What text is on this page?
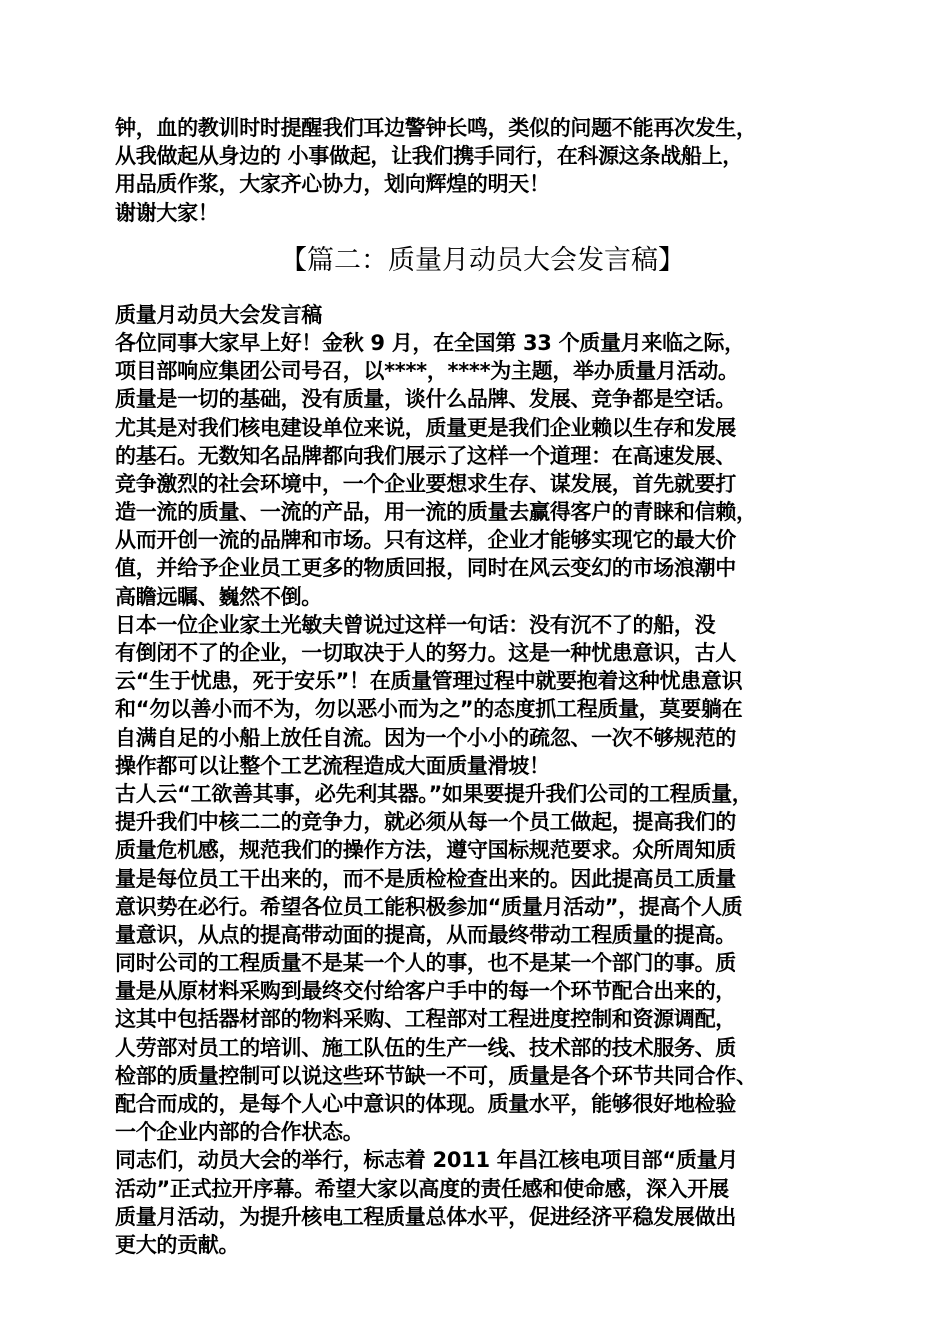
钟，血的教训时时提醒我们耳边警钟长鸣，类似的问题不能再次发生，
从我做起从身边的 小事做起，让我们携手同行，在科源这条战船上，
用品质作浆，大家齐心协力，划向辉煌的明天！
谢谢大家！
【篇二：质量月动员大会发言稿】
质量月动员大会发言稿
各位同事大家早上好！金秋 9 月，在全国第 33 个质量月来临之际，
项目部响应集团公司号召，以****，****为主题，举办质量月活动。
质量是一切的基础，没有质量，谈什么品牌、发展、竞争都是空话。
尤其是对我们核电建设单位来说，质量更是我们企业赖以生存和发展
的基石。无数知名品牌都向我们展示了这样一个道理：在高速发展、
竞争激烈的社会环境中，一个企业要想求生存、谋发展，首先就要打
造一流的质量、一流的产品，用一流的质量去赢得客户的青睐和信赖，
从而开创一流的品牌和市场。只有这样，企业才能够实现它的最大价
值，并给予企业员工更多的物质回报，同时在风云变幻的市场浪潮中
高瞻远瞩、巍然不倒。
日本一位企业家土光敏夫曾说过这样一句话：没有沉不了的船，没
有倒闭不了的企业，一切取决于人的努力。这是一种忧患意识，古人
云“生于忧患，死于安乐”！在质量管理过程中就要抱着这种忧患意识
和“勿以善小而不为，勿以恶小而为之”的态度抓工程质量，莫要躺在
自满自足的小船上放任自流。因为一个小小的疏忽、一次不够规范的
操作都可以让整个工艺流程造成大面质量滑坡！
古人云“工欲善其事，必先利其器。”如果要提升我们公司的工程质量，
提升我们中核二二的竞争力，就必须从每一个员工做起，提高我们的
质量危机感，规范我们的操作方法，遵守国标规范要求。众所周知质
量是每位员工干出来的，而不是质检检查出来的。因此提高员工质量
意识势在必行。希望各位员工能积极参加“质量月活动”，提高个人质
量意识，从点的提高带动面的提高，从而最终带动工程质量的提高。
同时公司的工程质量不是某一个人的事，也不是某一个部门的事。质
量是从原材料采购到最终交付给客户手中的每一个环节配合出来的，
这其中包括器材部的物料采购、工程部对工程进度控制和资源调配，
人劳部对员工的培训、施工队伍的生产一线、技术部的技术服务、质
检部的质量控制可以说这些环节缺一不可，质量是各个环节共同合作、
配合而成的，是每个人心中意识的体现。质量水平，能够很好地检验
一个企业内部的合作状态。
同志们，动员大会的举行，标志着 2011 年昌江核电项目部“质量月
活动”正式拉开序幕。希望大家以高度的责任感和使命感，深入开展
质量月活动，为提升核电工程质量总体水平，促进经济平稳发展做出
更大的贡献。
